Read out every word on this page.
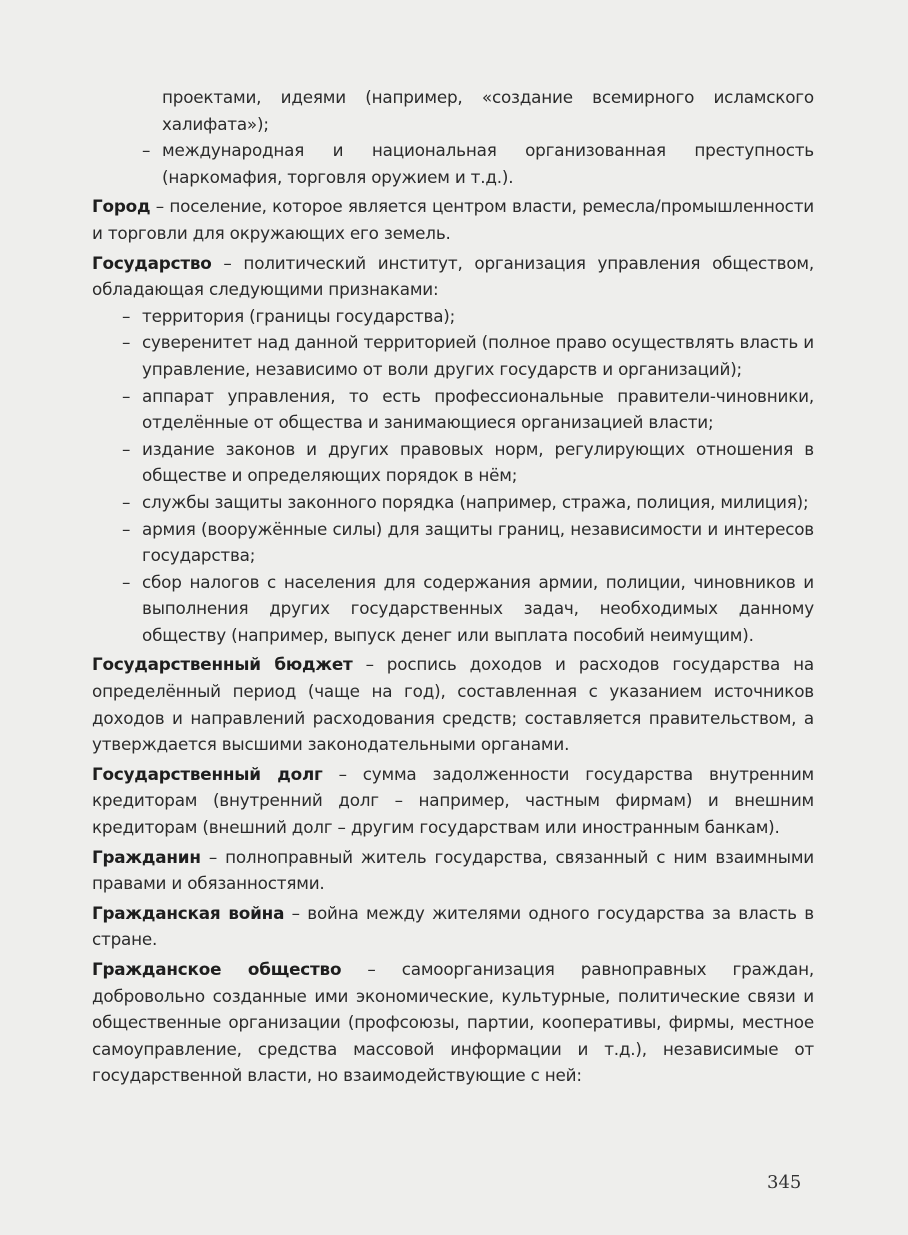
проектами, идеями (например, «создание всемирного исламского халифата»);

– международная и национальная организованная преступность (наркомафия, торговля оружием и т.д.).

Город – поселение, которое является центром власти, ремесла/промышленности и торговли для окружающих его земель.

Государство – политический институт, организация управления обществом, обладающая следующими признаками:

– территория (границы государства);
– суверенитет над данной территорией (полное право осуществлять власть и управление, независимо от воли других государств и организаций);
– аппарат управления, то есть профессиональные правители-чиновники, отделённые от общества и занимающиеся организацией власти;
– издание законов и других правовых норм, регулирующих отношения в обществе и определяющих порядок в нём;
– службы защиты законного порядка (например, стража, полиция, милиция);
– армия (вооружённые силы) для защиты границ, независимости и интересов государства;
– сбор налогов с населения для содержания армии, полиции, чиновников и выполнения других государственных задач, необходимых данному обществу (например, выпуск денег или выплата пособий неимущим).

Государственный бюджет – роспись доходов и расходов государства на определённый период (чаще на год), составленная с указанием источников доходов и направлений расходования средств; составляется правительством, а утверждается высшими законодательными органами.

Государственный долг – сумма задолженности государства внутренним кредиторам (внутренний долг – например, частным фирмам) и внешним кредиторам (внешний долг – другим государствам или иностранным банкам).

Гражданин – полноправный житель государства, связанный с ним взаимными правами и обязанностями.

Гражданская война – война между жителями одного государства за власть в стране.

Гражданское общество – самоорганизация равноправных граждан, добровольно созданные ими экономические, культурные, политические связи и общественные организации (профсоюзы, партии, кооперативы, фирмы, местное самоуправление, средства массовой информации и т.д.), независимые от государственной власти, но взаимодействующие с ней:

345
